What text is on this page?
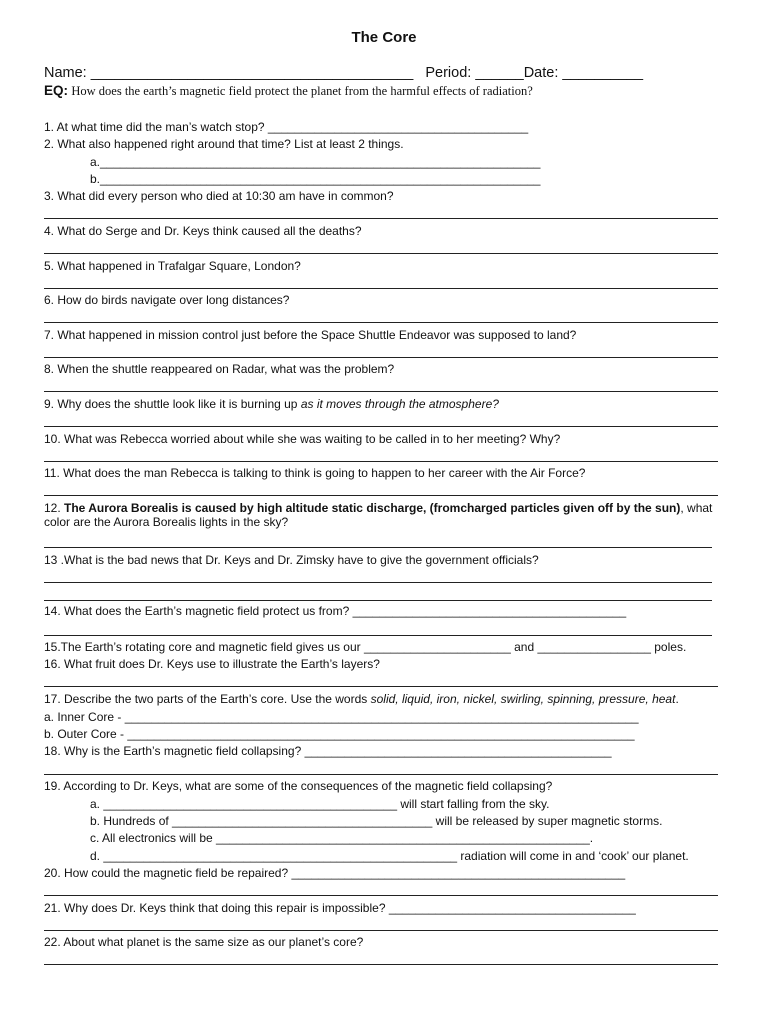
The Core
Name: ________________________________________ Period: ______Date: __________
EQ: How does the earth’s magnetic field protect the planet from the harmful effects of radiation?
1. At what time did the man’s watch stop? _______________________________________
2. What also happened right around that time? List at least 2 things.
a.__________________________________________________________________
b.__________________________________________________________________
3. What did every person who died at 10:30 am have in common?
4. What do Serge and Dr. Keys think caused all the deaths?
5. What happened in Trafalgar Square, London?
6. How do birds navigate over long distances?
7. What happened in mission control just before the Space Shuttle Endeavor was supposed to land?
8. When the shuttle reappeared on Radar, what was the problem?
9. Why does the shuttle look like it is burning up as it moves through the atmosphere?
10. What was Rebecca worried about while she was waiting to be called in to her meeting? Why?
11. What does the man Rebecca is talking to think is going to happen to her career with the Air Force?
12. The Aurora Borealis is caused by high altitude static discharge, (fromcharged particles given off by the sun), what color are the Aurora Borealis lights in the sky?
13 .What is the bad news that Dr. Keys and Dr. Zimsky have to give the government officials?
14. What does the Earth’s magnetic field protect us from? _________________________________________
15.The Earth’s rotating core and magnetic field gives us our ______________________ and _________________ poles.
16. What fruit does Dr. Keys use to illustrate the Earth’s layers?
17. Describe the two parts of the Earth’s core. Use the words solid, liquid, iron, nickel, swirling, spinning, pressure, heat.
a. Inner Core - _____________________________________________________________________________
b. Outer Core - ____________________________________________________________________________
18. Why is the Earth’s magnetic field collapsing? ______________________________________________
19. According to Dr. Keys, what are some of the consequences of the magnetic field collapsing?
a. ____________________________________________ will start falling from the sky.
b. Hundreds of _______________________________________ will be released by super magnetic storms.
c. All electronics will be ________________________________________________________.
d. _____________________________________________________ radiation will come in and ‘cook’ our planet.
20. How could the magnetic field be repaired? __________________________________________________
21. Why does Dr. Keys think that doing this repair is impossible? _____________________________________
22. About what planet is the same size as our planet’s core?
